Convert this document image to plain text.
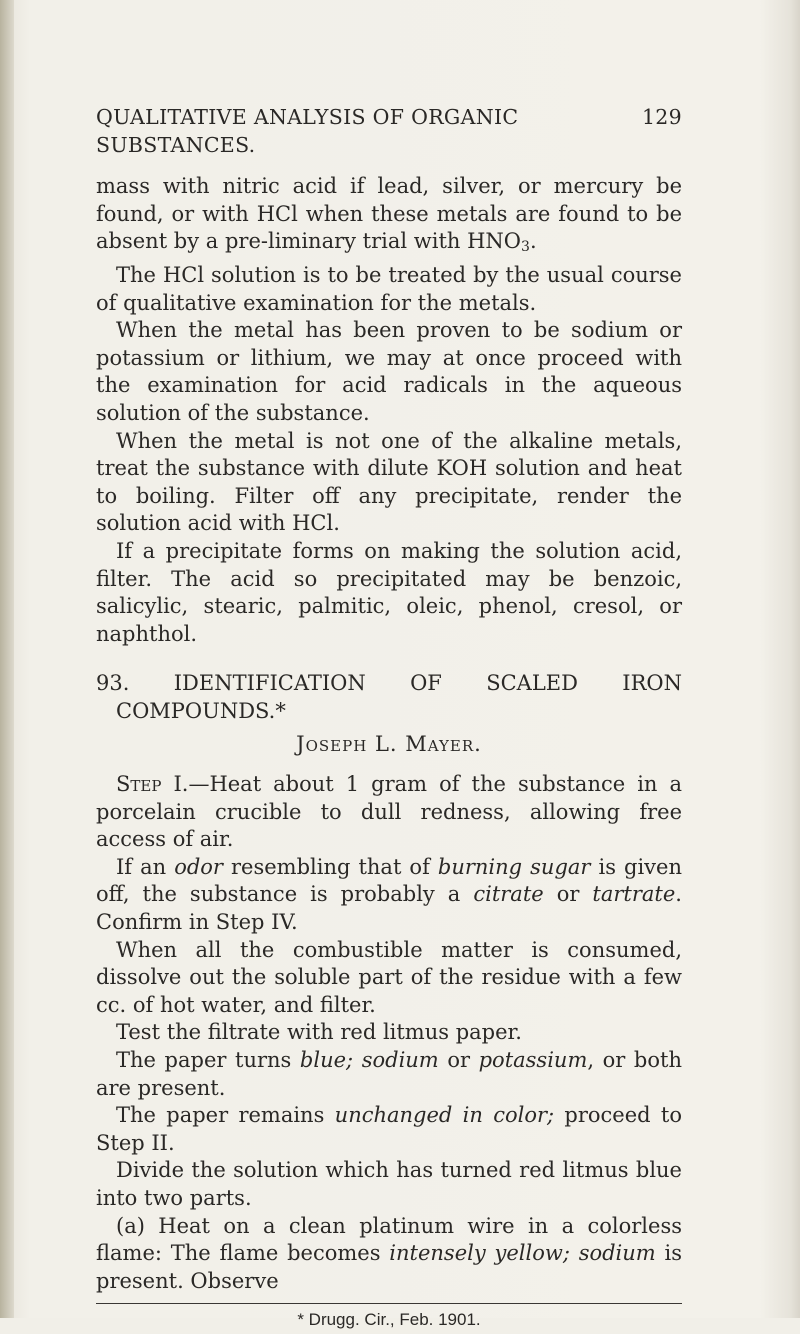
QUALITATIVE ANALYSIS OF ORGANIC SUBSTANCES.
129

mass with nitric acid if lead, silver, or mercury be found, or with HCl when these metals are found to be absent by a pre-liminary trial with $HNO_3$.

The HCl solution is to be treated by the usual course of qualitative examination for the metals.

When the metal has been proven to be sodium or potassium or lithium, we may at once proceed with the examination for acid radicals in the aqueous solution of the substance.

When the metal is not one of the alkaline metals, treat the substance with dilute KOH solution and heat to boiling. Filter off any precipitate, render the solution acid with HCl.

If a precipitate forms on making the solution acid, filter. The acid so precipitated may be benzoic, salicylic, stearic, palmitic, oleic, phenol, cresol, or naphthol.

93. IDENTIFICATION OF SCALED IRON COMPOUNDS.*

Joseph L. Mayer.

Step I.—Heat about 1 gram of the substance in a porcelain crucible to dull redness, allowing free access of air.

If an odor resembling that of burning sugar is given off, the substance is probably a citrate or tartrate. Confirm in Step IV.

When all the combustible matter is consumed, dissolve out the soluble part of the residue with a few cc. of hot water, and filter.

Test the filtrate with red litmus paper.

The paper turns blue; sodium or potassium, or both are present.

The paper remains unchanged in color; proceed to Step II.

Divide the solution which has turned red litmus blue into two parts.

(a) Heat on a clean platinum wire in a colorless flame: The flame becomes intensely yellow; sodium is present. Observe

* Drugg. Cir., Feb. 1901.
